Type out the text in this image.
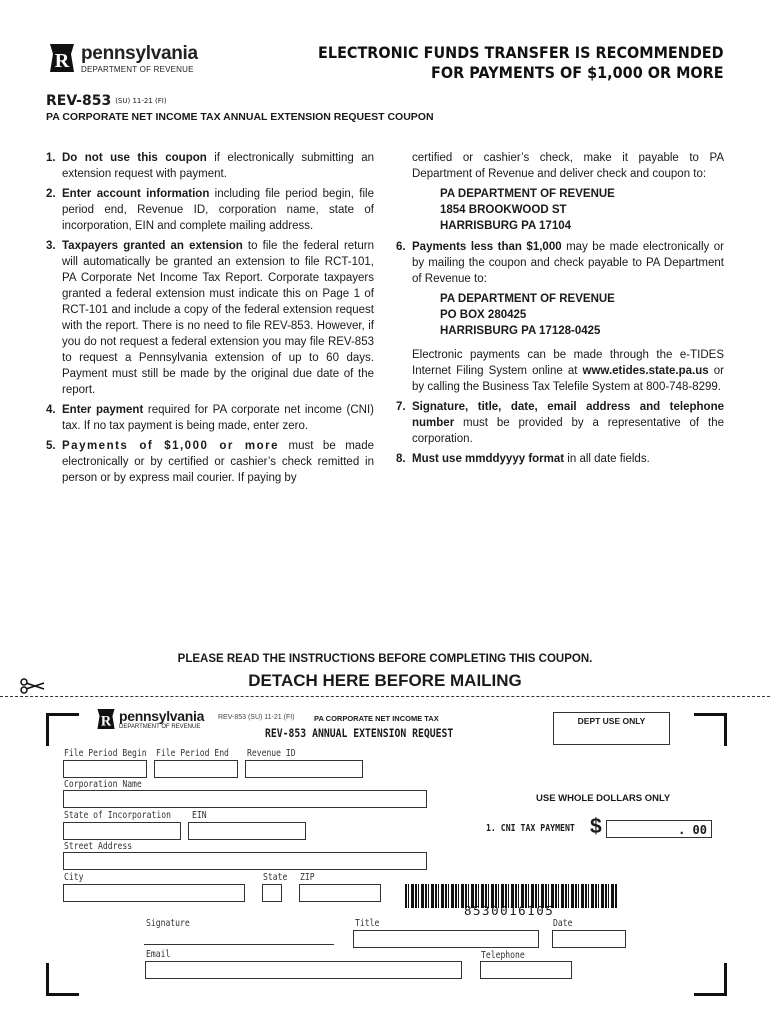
R pennsylvania
DEPARTMENT OF REVENUE
ELECTRONIC FUNDS TRANSFER IS RECOMMENDED
FOR PAYMENTS OF $1,000 OR MORE
REV-853 (SU) 11-21 (FI)
PA CORPORATE NET INCOME TAX ANNUAL EXTENSION REQUEST COUPON
1. Do not use this coupon if electronically submitting an extension request with payment.
2. Enter account information including file period begin, file period end, Revenue ID, corporation name, state of incorporation, EIN and complete mailing address.
3. Taxpayers granted an extension to file the federal return will automatically be granted an extension to file RCT-101, PA Corporate Net Income Tax Report. Corporate taxpayers granted a federal extension must indicate this on Page 1 of RCT-101 and include a copy of the federal extension request with the report. There is no need to file REV-853. However, if you do not request a federal extension you may file REV-853 to request a Pennsylvania extension of up to 60 days. Payment must still be made by the original due date of the report.
4. Enter payment required for PA corporate net income (CNI) tax. If no tax payment is being made, enter zero.
5. Payments of $1,000 or more must be made electronically or by certified or cashier’s check remitted in person or by express mail courier. If paying by
certified or cashier’s check, make it payable to PA Department of Revenue and deliver check and coupon to:
PA DEPARTMENT OF REVENUE
1854 BROOKWOOD ST
HARRISBURG PA 17104
6. Payments less than $1,000 may be made electronically or by mailing the coupon and check payable to PA Department of Revenue to:
PA DEPARTMENT OF REVENUE
PO BOX 280425
HARRISBURG PA 17128-0425
Electronic payments can be made through the e-TIDES Internet Filing System online at www.etides.state.pa.us or by calling the Business Tax Telefile System at 800-748-8299.
7. Signature, title, date, email address and telephone number must be provided by a representative of the corporation.
8. Must use mmddyyyy format in all date fields.
PLEASE READ THE INSTRUCTIONS BEFORE COMPLETING THIS COUPON.
DETACH HERE BEFORE MAILING
R pennsylvania
DEPARTMENT OF REVENUE
REV-853 (SU) 11-21 (FI)	PA CORPORATE NET INCOME TAX
REV-853 ANNUAL EXTENSION REQUEST
DEPT USE ONLY
File Period Begin File Period End Revenue ID
Corporation Name
USE WHOLE DOLLARS ONLY
State of Incorporation EIN
1. CNI TAX PAYMENT $	. 00
Street Address
City	State ZIP
8530016105
Signature	Title	Date
Email	Telephone
